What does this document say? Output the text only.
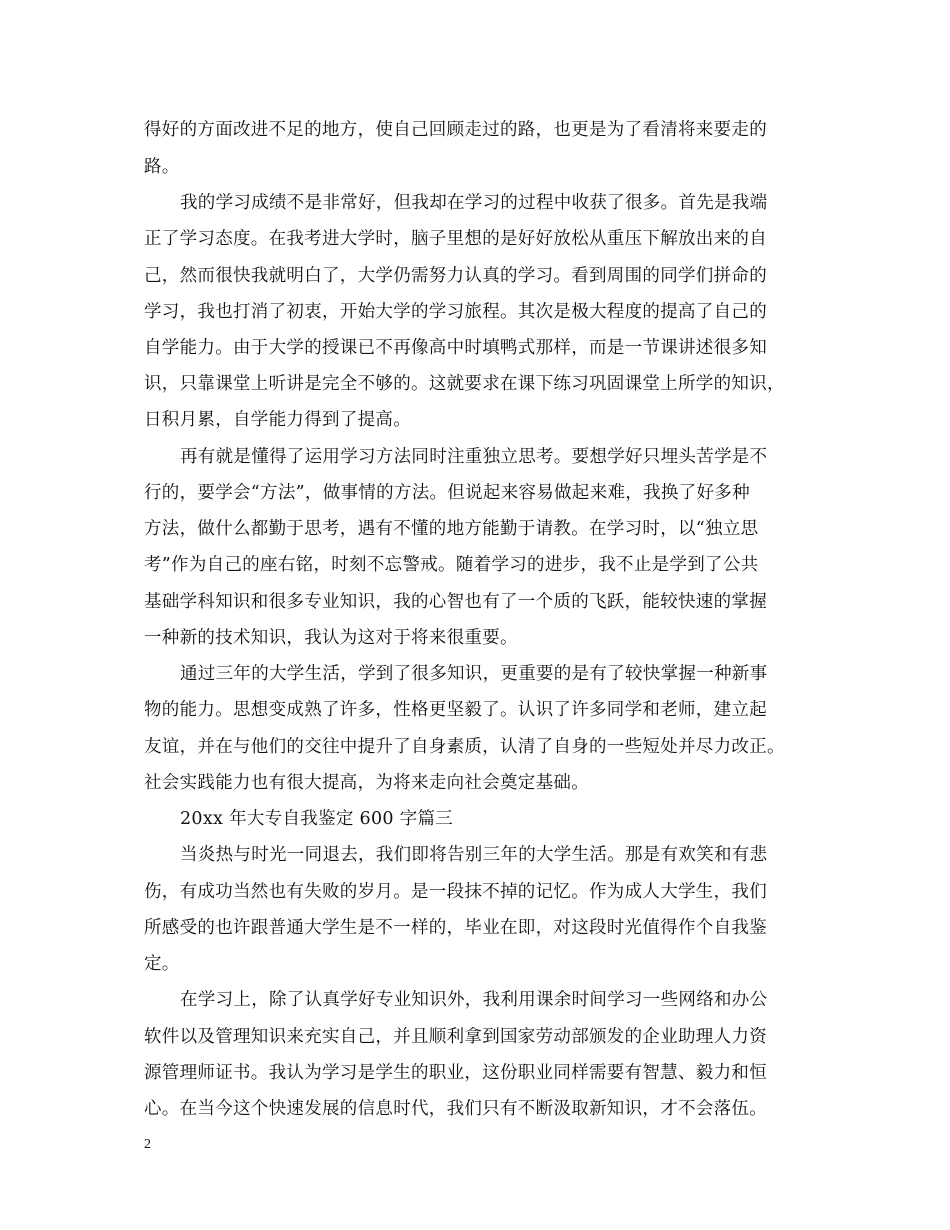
得好的方面改进不足的地方，使自己回顾走过的路，也更是为了看清将来要走的
路。
我的学习成绩不是非常好，但我却在学习的过程中收获了很多。首先是我端
正了学习态度。在我考进大学时，脑子里想的是好好放松从重压下解放出来的自
己，然而很快我就明白了，大学仍需努力认真的学习。看到周围的同学们拼命的
学习，我也打消了初衷，开始大学的学习旅程。其次是极大程度的提高了自己的
自学能力。由于大学的授课已不再像高中时填鸭式那样，而是一节课讲述很多知
识，只靠课堂上听讲是完全不够的。这就要求在课下练习巩固课堂上所学的知识，
日积月累，自学能力得到了提高。
再有就是懂得了运用学习方法同时注重独立思考。要想学好只埋头苦学是不
行的，要学会“方法”，做事情的方法。但说起来容易做起来难，我换了好多种
方法，做什么都勤于思考，遇有不懂的地方能勤于请教。在学习时，以“独立思
考”作为自己的座右铭，时刻不忘警戒。随着学习的进步，我不止是学到了公共
基础学科知识和很多专业知识，我的心智也有了一个质的飞跃，能较快速的掌握
一种新的技术知识，我认为这对于将来很重要。
通过三年的大学生活，学到了很多知识，更重要的是有了较快掌握一种新事
物的能力。思想变成熟了许多，性格更坚毅了。认识了许多同学和老师，建立起
友谊，并在与他们的交往中提升了自身素质，认清了自身的一些短处并尽力改正。
社会实践能力也有很大提高，为将来走向社会奠定基础。
20xx 年大专自我鉴定 600 字篇三
当炎热与时光一同退去，我们即将告别三年的大学生活。那是有欢笑和有悲
伤，有成功当然也有失败的岁月。是一段抹不掉的记忆。作为成人大学生，我们
所感受的也许跟普通大学生是不一样的，毕业在即，对这段时光值得作个自我鉴
定。
在学习上，除了认真学好专业知识外，我利用课余时间学习一些网络和办公
软件以及管理知识来充实自己，并且顺利拿到国家劳动部颁发的企业助理人力资
源管理师证书。我认为学习是学生的职业，这份职业同样需要有智慧、毅力和恒
心。在当今这个快速发展的信息时代，我们只有不断汲取新知识，才不会落伍。
2
